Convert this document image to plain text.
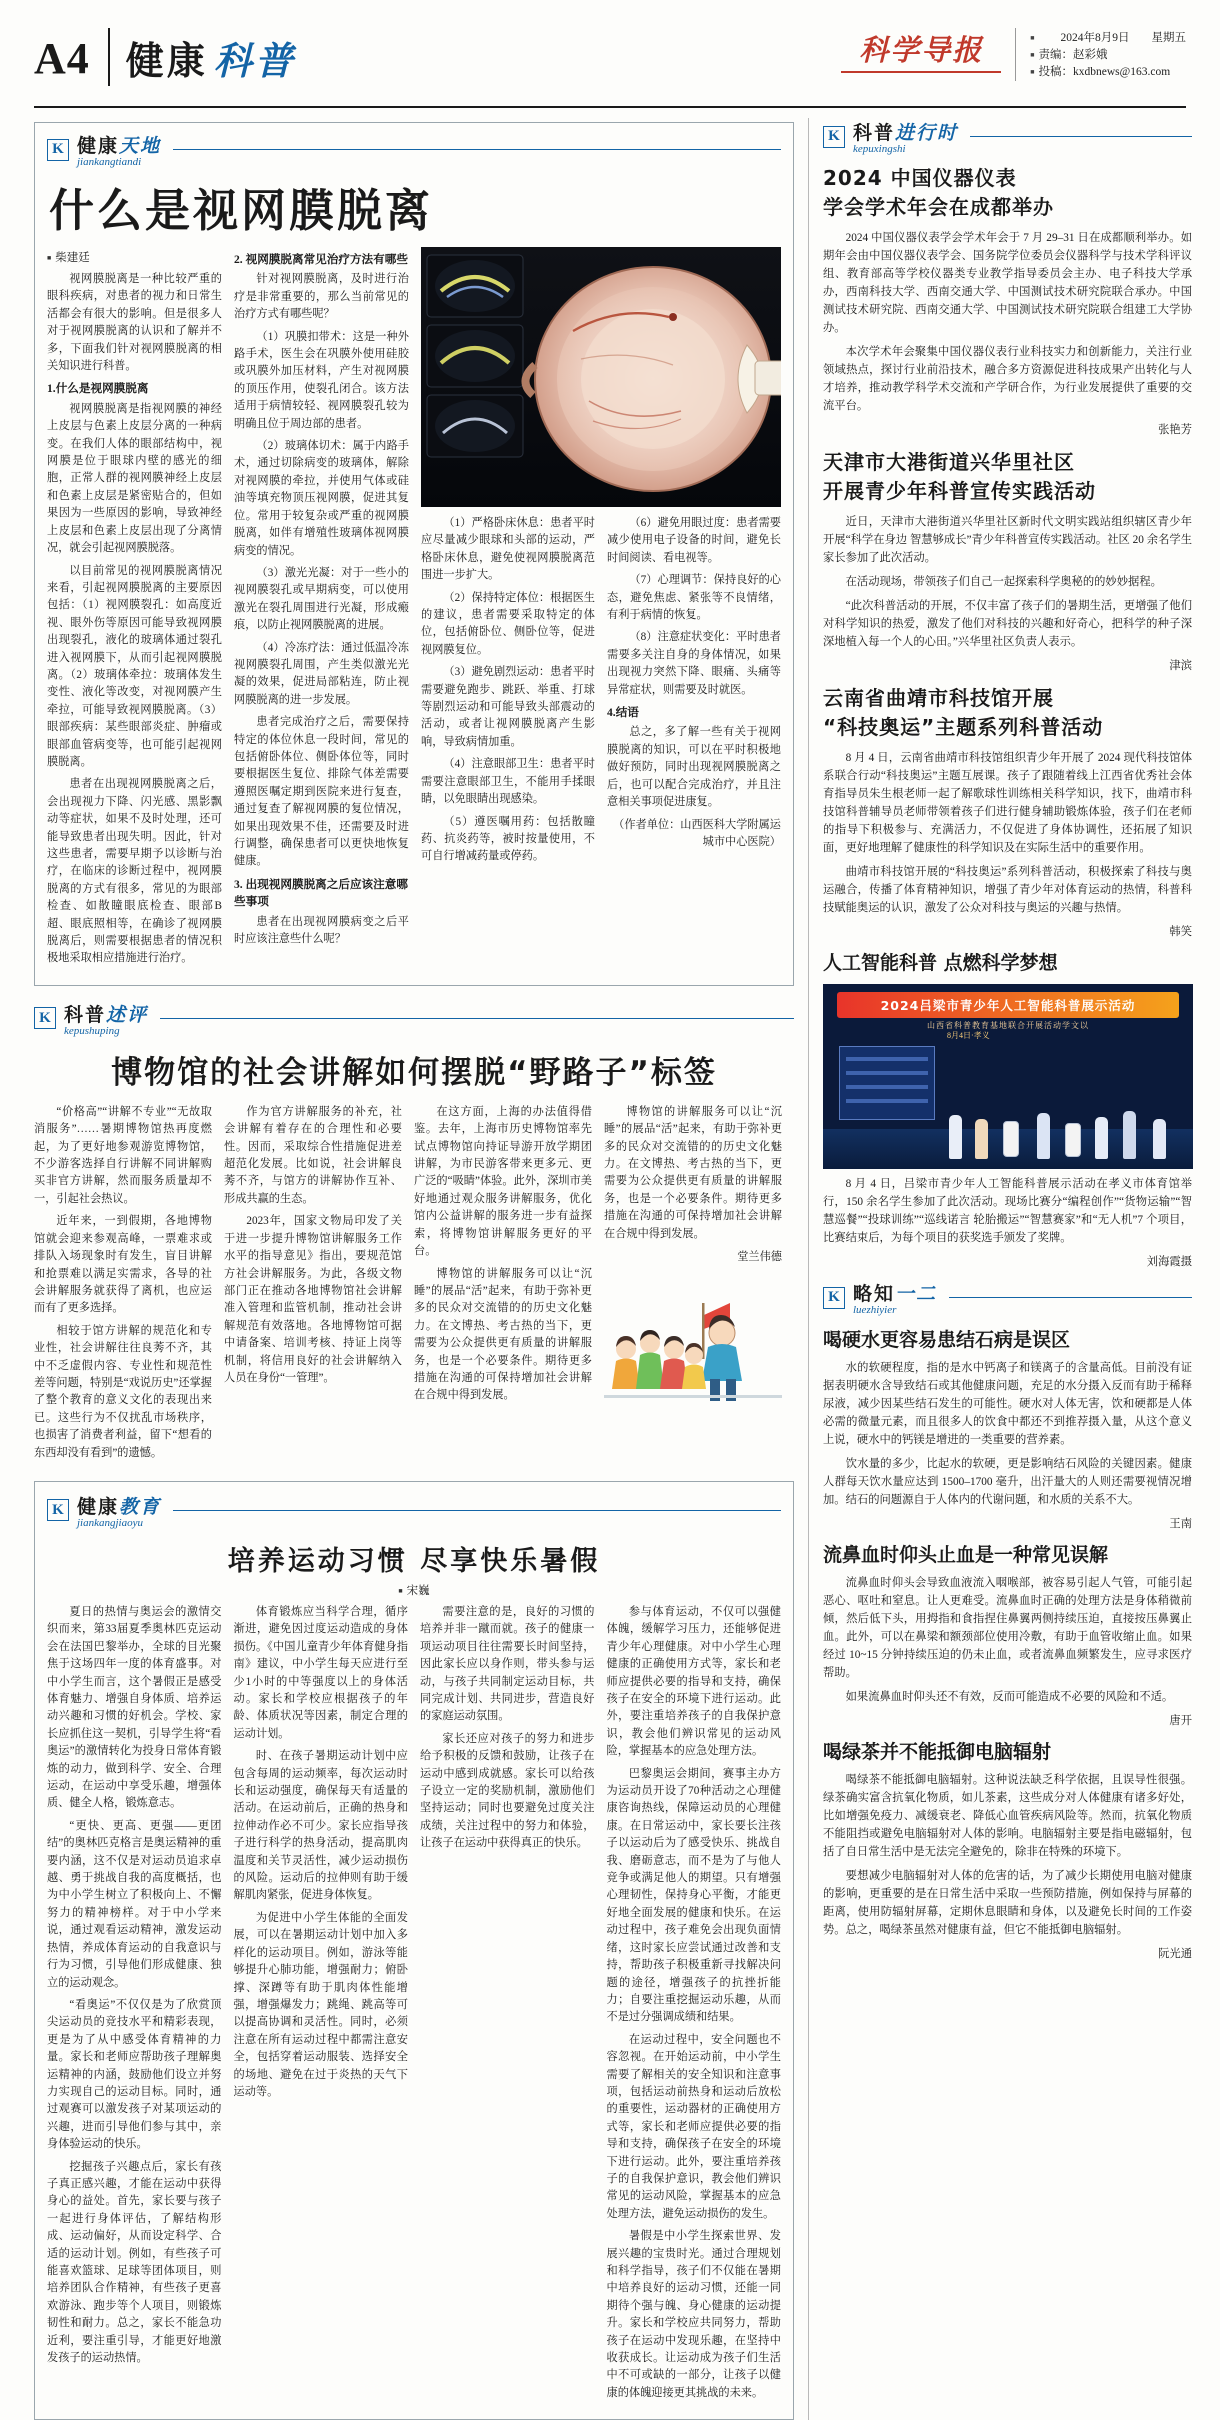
A4 健康 科普	科学导报	■ 2024年8月9日 星期五
■ 责编：赵彩娥
■ 投稿：kxdbnews@163.com
K 健康天地
jiankangtiandi
什么是视网膜脱离
■ 柴建廷

视网膜脱离是一种比较严重的眼科疾病，对患者的视力和日常生活都会有很大的影响。但是很多人对于视网膜脱离的认识和了解并不多，下面我们针对视网膜脱离的相关知识进行科普。

1.什么是视网膜脱离

视网膜脱离是指视网膜的神经上皮层与色素上皮层分离的一种病变。在我们人体的眼部结构中，视网膜是位于眼球内壁的感光的细胞，正常人群的视网膜神经上皮层和色素上皮层是紧密贴合的，但如果因为一些原因的影响，导致神经上皮层和色素上皮层出现了分离情况，就会引起视网膜脱落。

以目前常见的视网膜脱离情况来看，引起视网膜脱离的主要原因包括：（1）视网膜裂孔：如高度近视、眼外伤等原因可能导致视网膜出现裂孔，液化的玻璃体通过裂孔进入视网膜下，从而引起视网膜脱离。（2）玻璃体牵拉：玻璃体发生变性、液化等改变，对视网膜产生牵拉，可能导致视网膜脱离。（3）眼部疾病：某些眼部炎症、肿瘤或眼部血管病变等，也可能引起视网膜脱离。

患者在出现视网膜脱离之后，会出现视力下降、闪光感、黑影飘动等症状，如果不及时处理，还可能导致患者出现失明。因此，针对这些患者，需要早期予以诊断与治疗，在临床的诊断过程中，视网膜脱离的方式有很多，常见的为眼部检查、如散瞳眼底检查、眼部B超、眼底照相等，在确诊了视网膜脱离后，则需要根据患者的情况积极地采取相应措施进行治疗。

2. 视网膜脱离常见治疗方法有哪些

针对视网膜脱离，及时进行治疗是非常重要的，那么当前常见的治疗方式有哪些呢？

（1）巩膜扣带术：这是一种外路手术，医生会在巩膜外使用硅胶或巩膜外加压材料，产生对视网膜的顶压作用，使裂孔闭合。该方法适用于病情较轻、视网膜裂孔较为明确且位于周边部的患者。

（2）玻璃体切术：属于内路手术，通过切除病变的玻璃体，解除对视网膜的牵拉，并使用气体或硅油等填充物顶压视网膜，促进其复位。常用于较复杂或严重的视网膜脱离，如伴有增殖性玻璃体视网膜病变的情况。

（3）激光光凝：对于一些小的视网膜裂孔或早期病变，可以使用激光在裂孔周围进行光凝，形成瘢痕，以防止视网膜脱离的进展。

（4）冷冻疗法：通过低温冷冻视网膜裂孔周围，产生类似激光光凝的效果，促进局部粘连，防止视网膜脱离的进一步发展。

患者完成治疗之后，需要保持特定的体位休息一段时间，常见的包括俯卧体位、侧卧体位等，同时要根据医生复位、排除气体差需要遵照医嘱定期到医院来进行复查，通过复查了解视网膜的复位情况，如果出现效果不佳，还需要及时进行调整，确保患者可以更快地恢复健康。

3. 出现视网膜脱离之后应该注意哪些事项

患者在出现视网膜病变之后平时应该注意些什么呢？

（1）严格卧床休息：患者平时应尽量减少眼球和头部的运动，严格卧床休息，避免使视网膜脱离范围进一步扩大。

（2）保持特定体位：根据医生的建议，患者需要采取特定的体位，包括俯卧位、侧卧位等，促进视网膜复位。

（3）避免剧烈运动：患者平时需要避免跑步、跳跃、举重、打球等剧烈运动和可能导致头部震动的活动，或者让视网膜脱离产生影响，导致病情加重。

（4）注意眼部卫生：患者平时需要注意眼部卫生，不能用手揉眼睛，以免眼睛出现感染。

（5）遵医嘱用药：包括散瞳药、抗炎药等，被时按量使用，不可自行增减药量或停药。

（6）避免用眼过度：患者需要减少使用电子设备的时间，避免长时间阅读、看电视等。

（7）心理调节：保持良好的心态，避免焦虑、紧张等不良情绪，有利于病情的恢复。

（8）注意症状变化：平时患者需要多关注自身的身体情况，如果出现视力突然下降、眼痛、头痛等异常症状，则需要及时就医。

4.结语

总之，多了解一些有关于视网膜脱离的知识，可以在平时积极地做好预防，同时出现视网膜脱离之后，也可以配合完成治疗，并且注意相关事项促进康复。

（作者单位：山西医科大学附属运城市中心医院）

K 科普述评
kepushuping
博物馆的社会讲解如何摆脱“野路子”标签

“价格高”“讲解不专业”“无故取消服务”……暑期博物馆热再度燃起，为了更好地参观游览博物馆，不少游客选择自行讲解不同讲解购买非官方讲解，然而服务质量却不一，引起社会热议。

近年来，一到假期，各地博物馆就会迎来参观高峰，一票难求或排队入场现象时有发生，盲目讲解和抢票难以满足实需求，各导的社会讲解服务就获得了离机，也应运而有了更多选择。

相较于馆方讲解的规范化和专业性，社会讲解往往良莠不齐，其中不乏虚假内容、专业性和规范性差等问题，特别是“戏说历史”还掌握了整个教育的意义文化的表现出来已。这些行为不仅扰乱市场秩序，也损害了消费者利益，留下“想看的东西却没有看到”的遗憾。

作为官方讲解服务的补充，社会讲解有着存在的合理性和必要性。因而，采取综合性措施促进差超范化发展。比如说，社会讲解良莠不齐，与馆方的讲解协作互补、形成共赢的生态。

2023年，国家文物局印发了关于进一步提升博物馆讲解服务工作水平的指导意见》指出，要规范馆方社会讲解服务。为此，各级文物部门正在推动各地博物馆社会讲解准入管理和监管机制，推动社会讲解规范有效落地。各地博物馆可据中请备案、培训考核、持证上岗等机制，将信用良好的社会讲解纳入人员在身份“一管理”。

在这方面，上海的办法值得借鉴。去年，上海市历史博物馆率先试点博物馆向持证导游开放学期团讲解，为市民游客带来更多元、更广泛的“吸睛”体验。此外，深圳市美好地通过观众服务讲解服务，优化馆内公益讲解的服务进一步有益探索，将博物馆讲解服务更好的平台。

博物馆的讲解服务可以让“沉睡”的展品“活”起来，有助于弥补更多的民众对交流错的的历史文化魅力。在文博热、考古热的当下，更需要为公众提供更有质量的讲解服务，也是一个必要条件。期待更多措施在沟通的可保持增加社会讲解在合规中得到发展。

博物馆的讲解服务可以让“沉睡”的展品“活”起来，有助于弥补更多的民众对交流错的的历史文化魅力。在文博热、考古热的当下，更需要为公众提供更有质量的讲解服务，也是一个必要条件。期待更多措施在沟通的可保持增加社会讲解在合规中得到发展。

堂兰伟德

K 健康教育
jiankangjiaoyu
培养运动习惯 尽享快乐暑假
■ 宋巍

夏日的热情与奥运会的激情交织而来，第33届夏季奥林匹克运动会在法国巴黎举办，全球的目光聚焦于这场四年一度的体育盛事。对中小学生而言，这个暑假正是感受体育魅力、增强自身体质、培养运动兴趣和习惯的好机会。学校、家长应抓住这一契机，引导学生将“看奥运”的激情转化为投身日常体育锻炼的动力，做到科学、安全、合理运动，在运动中享受乐趣，增强体质、健全人格，锻炼意志。

“更快、更高、更强——更团结”的奥林匹克格言是奥运精神的重要内涵，这不仅是对运动员追求卓越、勇于挑战自我的高度概括，也为中小学生树立了积极向上、不懈努力的精神榜样。对于中小学来说，通过观看运动精神，激发运动热情，养成体育运动的自我意识与行为习惯，引导他们形成健康、独立的运动观念。

“看奥运”不仅仅是为了欣赏顶尖运动员的竞技水平和精彩表现，更是为了从中感受体育精神的力量。家长和老师应帮助孩子理解奥运精神的内涵，鼓励他们设立并努力实现自己的运动目标。同时，通过观赛可以激发孩子对某项运动的兴趣，进而引导他们参与其中，亲身体验运动的快乐。

挖掘孩子兴趣点后，家长有孩子真正感兴趣，才能在运动中获得身心的益处。首先，家长要与孩子一起进行身体评估，了解结构形成、运动偏好，从而设定科学、合适的运动计划。例如，有些孩子可能喜欢篮球、足球等团体项目，则培养团队合作精神，有些孩子更喜欢游泳、跑步等个人项目，则锻炼韧性和耐力。总之，家长不能急功近利，要注重引导，才能更好地激发孩子的运动热情。

体育锻炼应当科学合理，循序渐进，避免因过度运动造成的身体损伤。《中国儿童青少年体育健身指南》建议，中小学生每天应进行至少1小时的中等强度以上的身体活动。家长和学校应根据孩子的年龄、体质状况等因素，制定合理的运动计划。

时、在孩子暑期运动计划中应包含每周的运动频率，每次运动时长和运动强度，确保每天有适量的活动。在运动前后，正确的热身和拉伸动作必不可少。家长应指导孩子进行科学的热身活动，提高肌肉温度和关节灵活性，减少运动损伤的风险。运动后的拉伸则有助于缓解肌肉紧张，促进身体恢复。

为促进中小学生体能的全面发展，可以在暑期运动计划中加入多样化的运动项目。例如，游泳等能够提升心肺功能，增强耐力；俯卧撑、深蹲等有助于肌肉体性能增强，增强爆发力；跳绳、跳高等可以提高协调和灵活性。同时，必须注意在所有运动过程中都需注意安全，包括穿着运动服装、选择安全的场地、避免在过于炎热的天气下运动等。

需要注意的是，良好的习惯的培养并非一蹴而就。孩子的健康一项运动项目往往需要长时间坚持，因此家长应以身作则，带头参与运动，与孩子共同制定运动目标，共同完成计划、共同进步，营造良好的家庭运动氛围。

家长还应对孩子的努力和进步给予积极的反馈和鼓励，让孩子在运动中感到成就感。家长可以给孩子设立一定的奖励机制，激励他们坚持运动；同时也要避免过度关注成绩，关注过程中的努力和体验，让孩子在运动中获得真正的快乐。

参与体育运动，不仅可以强健体魄，缓解学习压力，还能够促进青少年心理健康。对中小学生心理健康的正确使用方式等，家长和老师应提供必要的指导和支持，确保孩子在安全的环境下进行运动。此外，要注重培养孩子的自我保护意识，教会他们辨识常见的运动风险，掌握基本的应急处理方法。

巴黎奥运会期间，赛事主办方为运动员开设了70种活动之心理健康咨询热线，保障运动员的心理健康。在日常运动中，家长要长注孩子以运动后为了感受快乐、挑战自我、磨砺意志，而不是为了与他人竞争或满足他人的期望。只有增强心理韧性，保持身心平衡，才能更好地全面发展的健康和快乐。在运动过程中，孩子难免会出现负面情绪，这时家长应尝试通过改善和支持，帮助孩子积极重新寻找解决问题的途径，增强孩子的抗挫折能力；自要注重挖掘运动乐趣，从而不是过分强调成绩和结果。

在运动过程中，安全问题也不容忽视。在开始运动前，中小学生需要了解相关的安全知识和注意事项，包括运动前热身和运动后放松的重要性，运动器材的正确使用方式等，家长和老师应提供必要的指导和支持，确保孩子在安全的环境下进行运动。此外，要注重培养孩子的自我保护意识，教会他们辨识常见的运动风险，掌握基本的应急处理方法，避免运动损伤的发生。

暑假是中小学生探索世界、发展兴趣的宝贵时光。通过合理规划和科学指导，孩子们不仅能在暑期中培养良好的运动习惯，还能一同期待个强与魄、身心健康的运动提升。家长和学校应共同努力，帮助孩子在运动中发现乐趣，在坚持中收获成长。让运动成为孩子们生活中不可或缺的一部分，让孩子以健康的体魄迎接更其挑战的未来。

K 科普进行时
kepuxingshi
2024 中国仪器仪表
学会学术年会在成都举办

2024 中国仪器仪表学会学术年会于 7 月 29–31 日在成都顺利举办。如期年会由中国仪器仪表学会、国务院学位委员会仪器科学与技术学科评议组、教育部高等学校仪器类专业教学指导委员会主办、电子科技大学承办，西南科技大学、西南交通大学、中国测试技术研究院联合承办。中国测试技术研究院、西南交通大学、中国测试技术研究院联合组建工大学协办。

本次学术年会聚集中国仪器仪表行业科技实力和创新能力，关注行业领域热点，探讨行业前沿技术，融合多方资源促进科技成果产出转化与人才培养，推动教学科学术交流和产学研合作，为行业发展提供了重要的交流平台。

张艳芳
天津市大港街道兴华里社区
开展青少年科普宣传实践活动

近日，天津市大港街道兴华里社区新时代文明实践站组织辖区青少年开展“科学在身边 智慧够成长”青少年科普宣传实践活动。社区 20 余名学生家长参加了此次活动。

在活动现场，带领孩子们自己一起探索科学奥秘的的妙妙据程。

“此次科普活动的开展，不仅丰富了孩子们的暑期生活，更增强了他们对科学知识的热爱，激发了他们对科技的兴趣和好奇心，把科学的种子深深地植入每一个人的心田。”兴华里社区负责人表示。

津滨
云南省曲靖市科技馆开展
“科技奥运”主题系列科普活动

8 月 4 日，云南省曲靖市科技馆组织青少年开展了 2024 现代科技馆体系联合行动“科技奥运”主题互展课。孩子了跟随着线上江西省优秀社会体育指导员朱生根老师一起了解歌球性训练相关科学知识，找下，曲靖市科技馆科普辅导员老师带领着孩子们进行健身辅助锻炼体验，孩子们在老师的指导下积极参与、充满活力，不仅促进了身体协调性，还拓展了知识面，更好地理解了健康性的科学知识及在实际生活中的重要作用。

曲靖市科技馆开展的“科技奥运”系列科普活动，积极探索了科技与奥运融合，传播了体育精神知识，增强了青少年对体育运动的热情，科普科技赋能奥运的认识，激发了公众对科技与奥运的兴趣与热情。

韩笑
人工智能科普 点燃科学梦想
2024吕梁市青少年人工智能科普展示活动
山西省科普教育基地联合开展活动学文以
8月4日·孝义

8 月 4 日，吕梁市青少年人工智能科普展示活动在孝义市体育馆举行，150 余名学生参加了此次活动。现场比赛分“编程创作”“货物运输”“智慧巡餐”“投球训练”“巡线诺言 轮胎搬运”“智慧赛家”和“无人机”7 个项目，比赛结束后，为每个项目的获奖选手颁发了奖牌。

刘海霞摄
K 略知一二
luezhiyier
喝硬水更容易患结石病是误区

水的软硬程度，指的是水中钙离子和镁离子的含量高低。目前没有证据表明硬水含导致结石或其他健康问题，充足的水分摄入反而有助于稀释尿液，减少因某些结石发生的可能性。硬水对人体无害，饮和硬都是人体必需的微量元素，而且很多人的饮食中都还不到推荐摄入量，从这个意义上说，硬水中的钙镁是增进的一类重要的营养素。

饮水量的多少，比起水的软硬，更是影响结石风险的关键因素。健康人群每天饮水量应达到 1500–1700 毫升，出汗量大的人则还需要视情况增加。结石的问题源自于人体内的代谢问题，和水质的关系不大。

王南
流鼻血时仰头止血是一种常见误解

流鼻血时仰头会导致血液流入咽喉部，被容易引起人气管，可能引起恶心、呕吐和窒息。让人更难受。流鼻血时正确的处理方法是身体稍微前倾，然后低下头，用拇指和食指捏住鼻翼两侧持续压迫，直接按压鼻翼止血。此外，可以在鼻梁和额颈部位使用冷敷，有助于血管收缩止血。如果经过 10~15 分钟持续压迫的仍未止血，或者流鼻血频繁发生，应寻求医疗帮助。

如果流鼻血时仰头还不有效，反而可能造成不必要的风险和不适。

唐开
喝绿茶并不能抵御电脑辐射

喝绿茶不能抵御电脑辐射。这种说法缺乏科学依据，且误导性很强。绿茶确实富含抗氧化物质，如儿茶素，这些成分对人体健康有诸多好处，比如增强免疫力、减缓衰老、降低心血管疾病风险等。然而，抗氧化物质不能阻挡或避免电脑辐射对人体的影响。电脑辐射主要是指电磁辐射，包括了自日常生活中是无法完全避免的，除非在特殊的环境下。

要想减少电脑辐射对人体的危害的话，为了减少长期使用电脑对健康的影响，更重要的是在日常生活中采取一些预防措施，例如保持与屏幕的距离，使用防辐射屏幕，定期休息眼睛和身体，以及避免长时间的工作姿势。总之，喝绿茶虽然对健康有益，但它不能抵御电脑辐射。

阮光通
